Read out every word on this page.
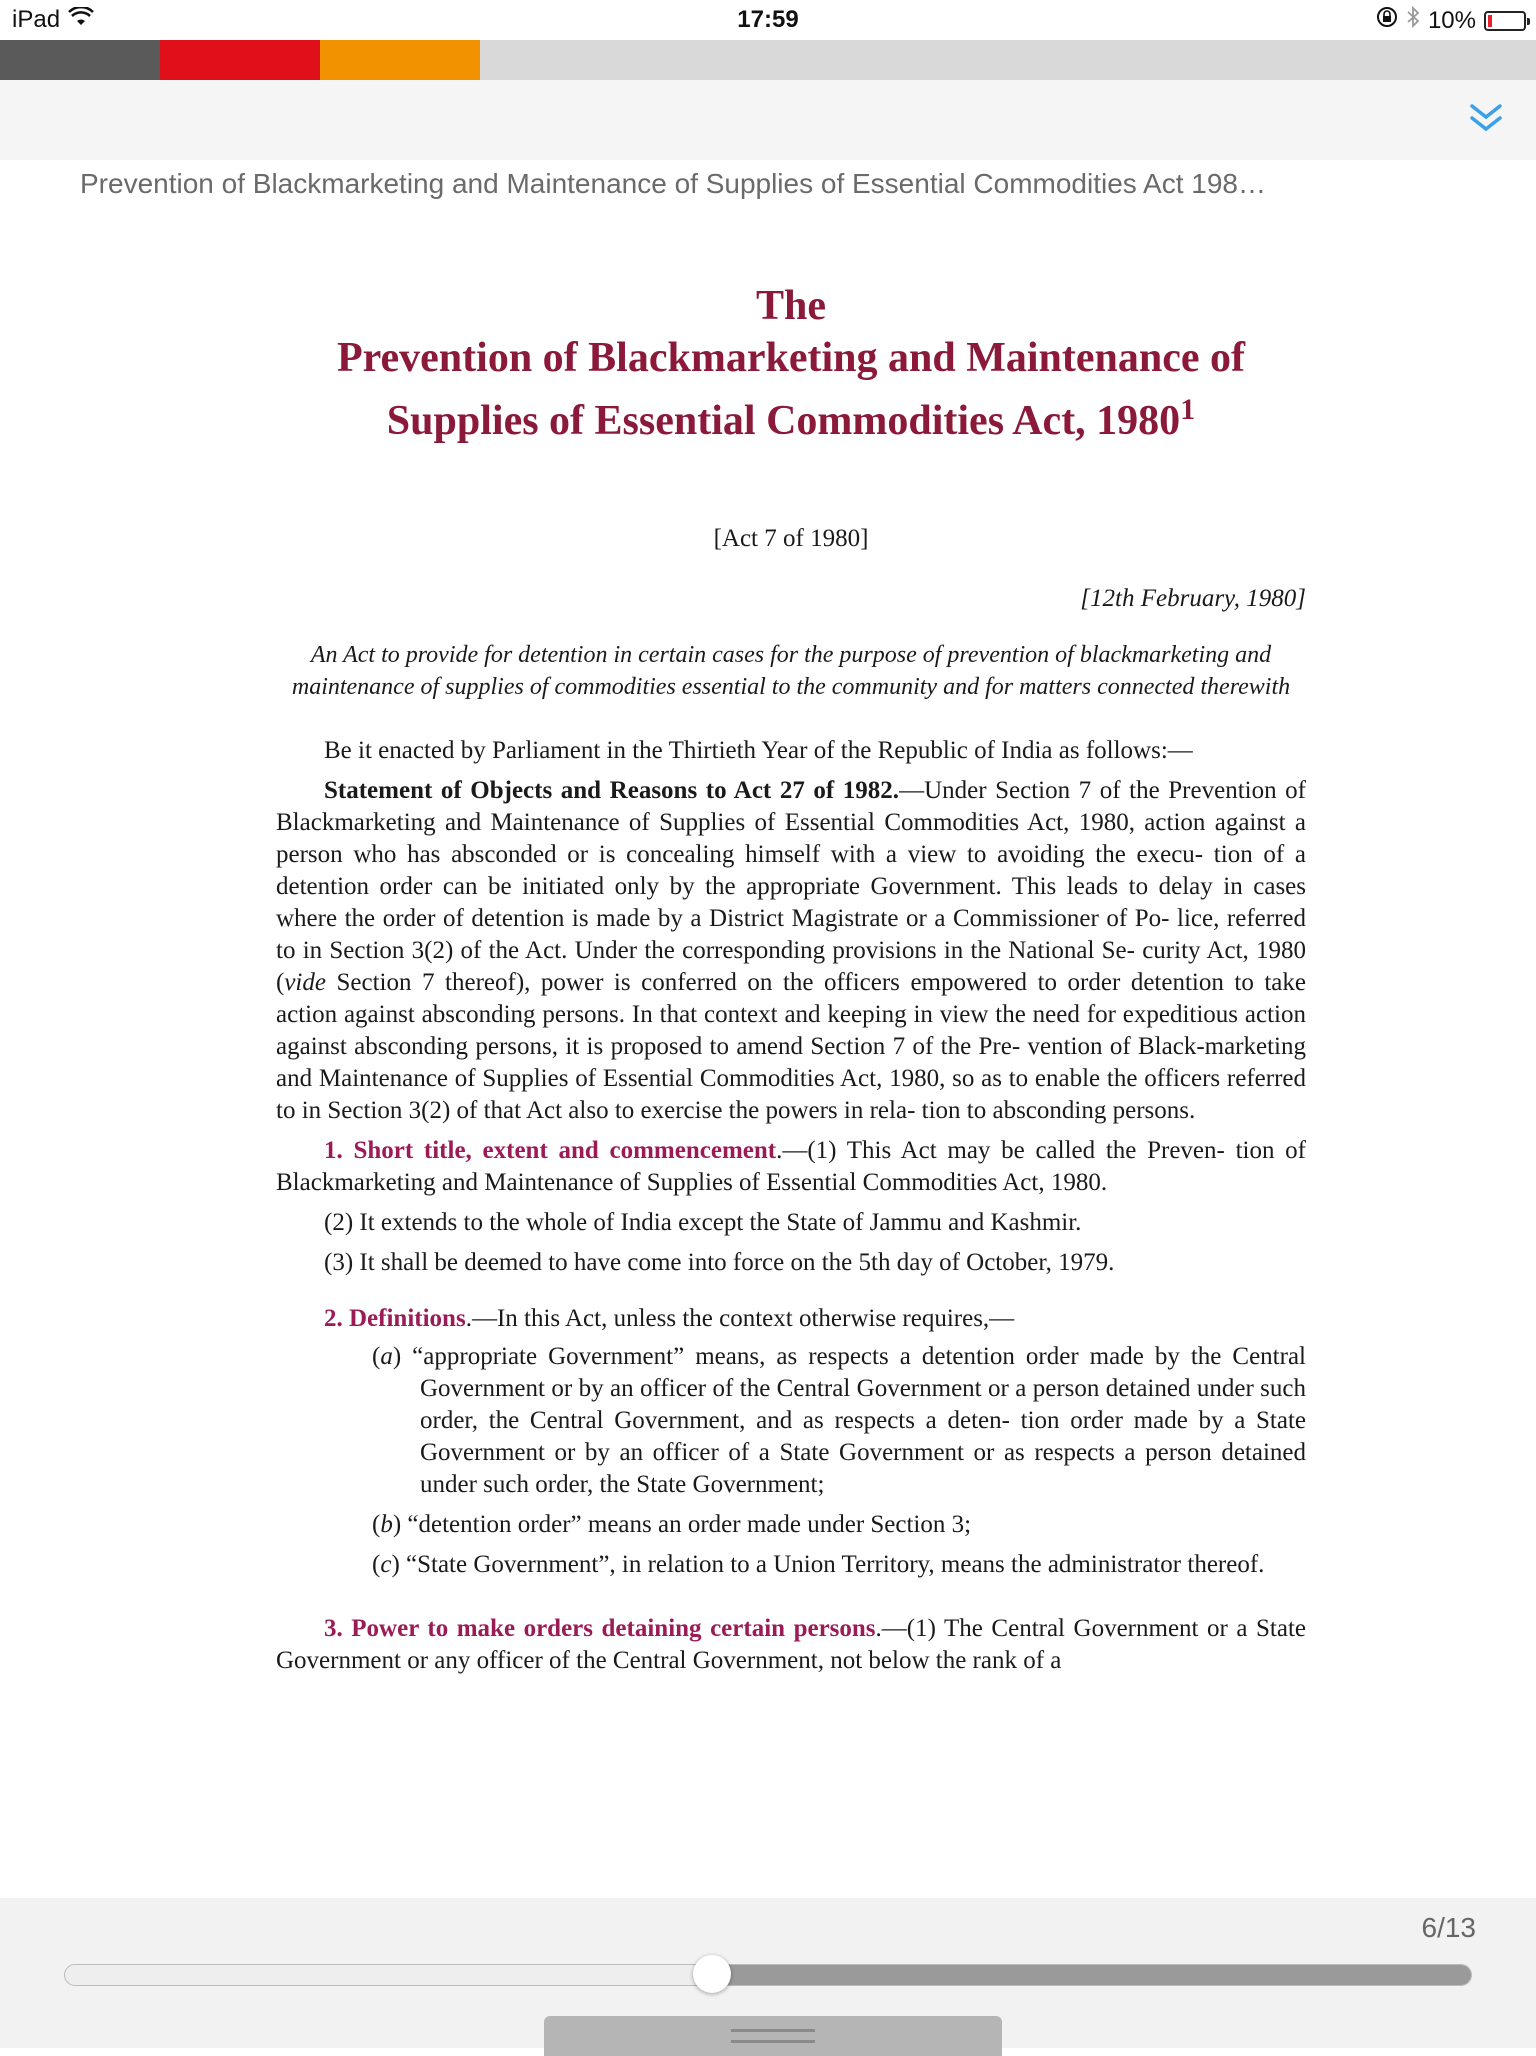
iPad	17:59	10%
Prevention of Blackmarketing and Maintenance of Supplies of Essential Commodities Act 198…
The
Prevention of Blackmarketing and Maintenance of
Supplies of Essential Commodities Act, 1980$^1$
[Act 7 of 1980]
[12th February, 1980]
An Act to provide for detention in certain cases for the purpose of prevention of blackmarketing and maintenance of supplies of commodities essential to the community and for matters connected therewith

Be it enacted by Parliament in the Thirtieth Year of the Republic of India as follows:—

Statement of Objects and Reasons to Act 27 of 1982.—Under Section 7 of the Prevention of Blackmarketing and Maintenance of Supplies of Essential Commodities Act, 1980, action against a person who has absconded or is concealing himself with a view to avoiding the execu- tion of a detention order can be initiated only by the appropriate Government. This leads to delay in cases where the order of detention is made by a District Magistrate or a Commissioner of Po- lice, referred to in Section 3(2) of the Act. Under the corresponding provisions in the National Se- curity Act, 1980 (vide Section 7 thereof), power is conferred on the officers empowered to order detention to take action against absconding persons. In that context and keeping in view the need for expeditious action against absconding persons, it is proposed to amend Section 7 of the Pre- vention of Black-marketing and Maintenance of Supplies of Essential Commodities Act, 1980, so as to enable the officers referred to in Section 3(2) of that Act also to exercise the powers in rela- tion to absconding persons.

1. Short title, extent and commencement.—(1) This Act may be called the Preven- tion of Blackmarketing and Maintenance of Supplies of Essential Commodities Act, 1980.

(2) It extends to the whole of India except the State of Jammu and Kashmir.

(3) It shall be deemed to have come into force on the 5th day of October, 1979.

2. Definitions.—In this Act, unless the context otherwise requires,—

(a) “appropriate Government” means, as respects a detention order made by the Central Government or by an officer of the Central Government or a person detained under such order, the Central Government, and as respects a deten- tion order made by a State Government or by an officer of a State Government or as respects a person detained under such order, the State Government;

(b) “detention order” means an order made under Section 3;

(c) “State Government”, in relation to a Union Territory, means the administrator thereof.

3. Power to make orders detaining certain persons.—(1) The Central Government or a State Government or any officer of the Central Government, not below the rank of a

6/13
